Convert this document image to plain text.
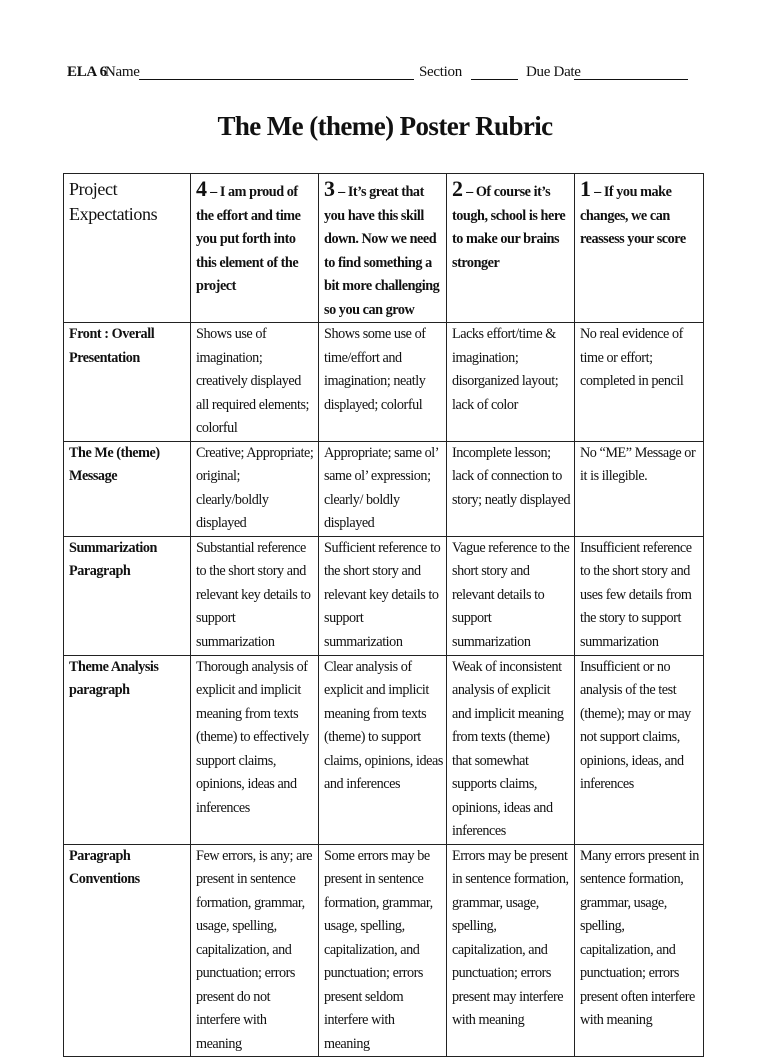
ELA 6
Name	Section	Due Date
The Me (theme) Poster Rubric
Project Expectations	4 – I am proud of the effort and time you put forth into this element of the project	3 – It’s great that you have this skill down. Now we need to find something a bit more challenging so you can grow	2 – Of course it’s tough, school is here to make our brains stronger	1 – If you make changes, we can reassess your score
Front : Overall Presentation	Shows use of imagination; creatively displayed all required elements; colorful	Shows some use of time/effort and imagination; neatly displayed; colorful	Lacks effort/time & imagination; disorganized layout; lack of color	No real evidence of time or effort; completed in pencil
The Me (theme) Message	Creative; Appropriate; original; clearly/boldly displayed	Appropriate; same ol’ same ol’ expression; clearly/ boldly displayed	Incomplete lesson; lack of connection to story; neatly displayed	No “ME” Message or it is illegible.
Summarization Paragraph	Substantial reference to the short story and relevant key details to support summarization	Sufficient reference to the short story and relevant key details to support summarization	Vague reference to the short story and relevant details to support summarization	Insufficient reference to the short story and uses few details from the story to support summarization
Theme Analysis paragraph	Thorough analysis of explicit and implicit meaning from texts (theme) to effectively support claims, opinions, ideas and inferences	Clear analysis of explicit and implicit meaning from texts (theme) to support claims, opinions, ideas and inferences	Weak of inconsistent analysis of explicit and implicit meaning from texts (theme) that somewhat supports claims, opinions, ideas and inferences	Insufficient or no analysis of the test (theme); may or may not support claims, opinions, ideas, and inferences
Paragraph Conventions	Few errors, is any; are present in sentence formation, grammar, usage, spelling, capitalization, and punctuation; errors present do not interfere with meaning	Some errors may be present in sentence formation, grammar, usage, spelling, capitalization, and punctuation; errors present seldom interfere with meaning	Errors may be present in sentence formation, grammar, usage, spelling, capitalization, and punctuation; errors present may interfere with meaning	Many errors present in sentence formation, grammar, usage, spelling, capitalization, and punctuation; errors present often interfere with meaning
